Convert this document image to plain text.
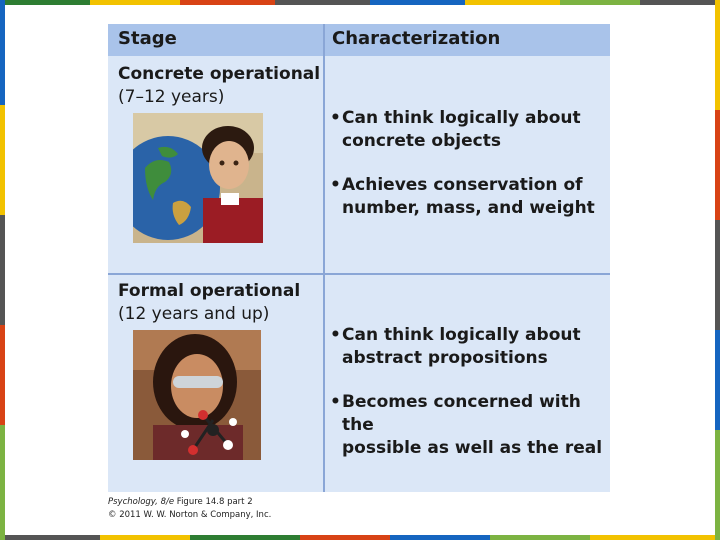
Stage	Characterization
Concrete operational
(7–12 years)
• Can think logically about
concrete objects
• Achieves conservation of
number, mass, and weight
Formal operational
(12 years and up)
• Can think logically about
abstract propositions
• Becomes concerned with the
possible as well as the real
Psychology, 8/e Figure 14.8 part 2
© 2011 W. W. Norton & Company, Inc.
